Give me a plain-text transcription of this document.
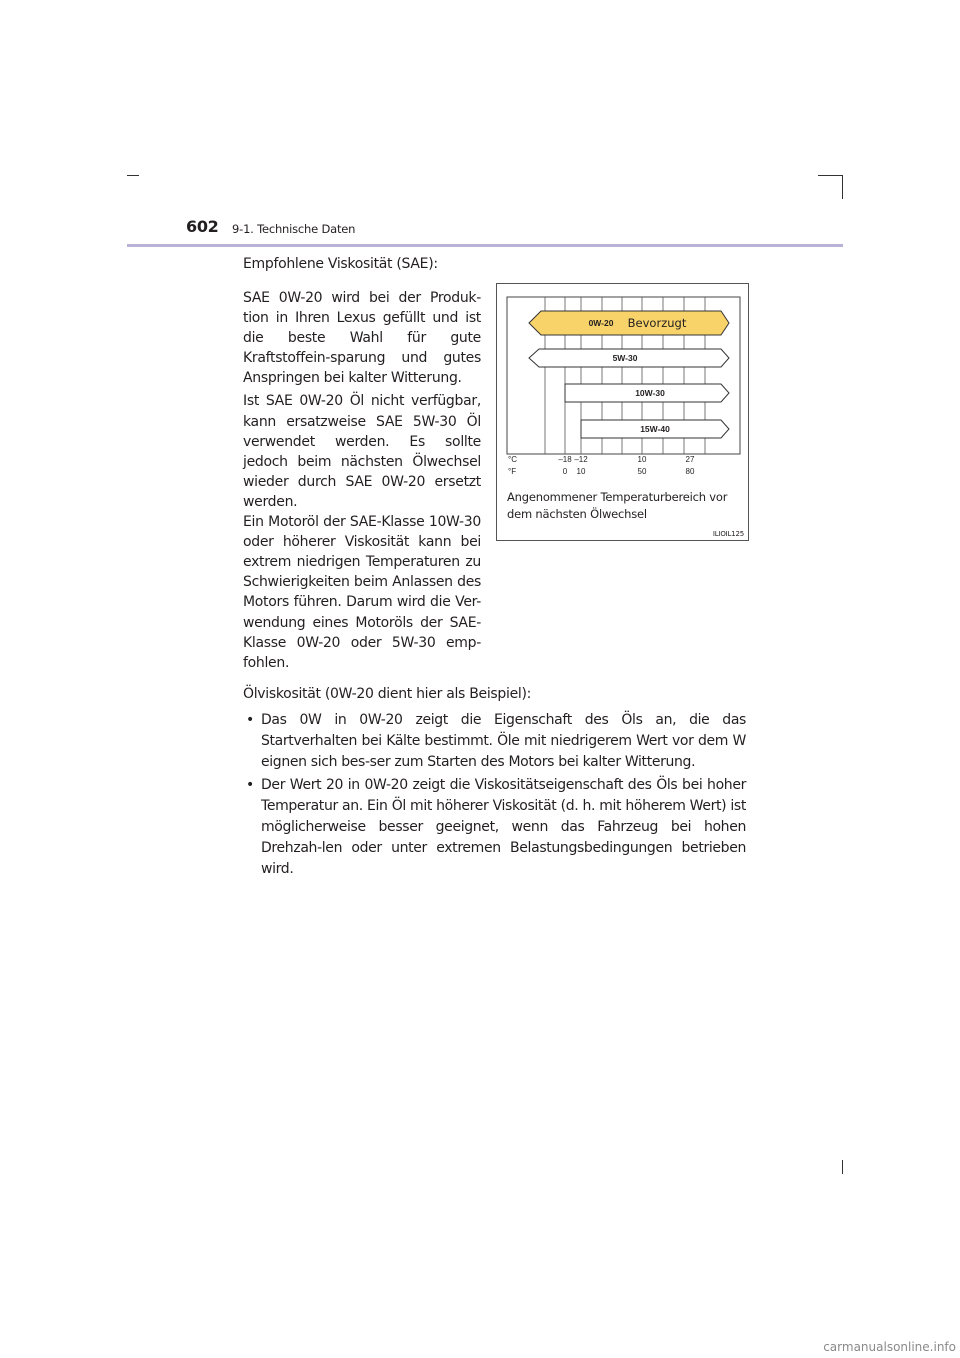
602 9-1. Technische Daten
Empfohlene Viskosität (SAE):

SAE 0W-20 wird bei der Produk-tion in Ihren Lexus gefüllt und ist die beste Wahl für gute Kraftstoffein-sparung und gutes Anspringen bei kalter Witterung.

Ist SAE 0W-20 Öl nicht verfügbar, kann ersatzweise SAE 5W-30 Öl verwendet werden. Es sollte jedoch beim nächsten Ölwechsel wieder durch SAE 0W-20 ersetzt werden.

Ein Motoröl der SAE-Klasse 10W-30 oder höherer Viskosität kann bei extrem niedrigen Temperaturen zu Schwierigkeiten beim Anlassen des Motors führen. Darum wird die Ver-wendung eines Motoröls der SAE-Klasse 0W-20 oder 5W-30 emp-fohlen.

0W-20 Bevorzugt
5W-30
10W-30
15W-40
°C
°F
–18 –12	10	27
0 10	50	80
Angenommener Temperaturbereich vor dem nächsten Ölwechsel
ILIOIL125
Ölviskosität (0W-20 dient hier als Beispiel):
• Das 0W in 0W-20 zeigt die Eigenschaft des Öls an, die das Startverhalten bei Kälte bestimmt. Öle mit niedrigerem Wert vor dem W eignen sich bes-ser zum Starten des Motors bei kalter Witterung.
• Der Wert 20 in 0W-20 zeigt die Viskositätseigenschaft des Öls bei hoher Temperatur an. Ein Öl mit höherer Viskosität (d. h. mit höherem Wert) ist möglicherweise besser geeignet, wenn das Fahrzeug bei hohen Drehzah-len oder unter extremen Belastungsbedingungen betrieben wird.
carmanualsonline.info
